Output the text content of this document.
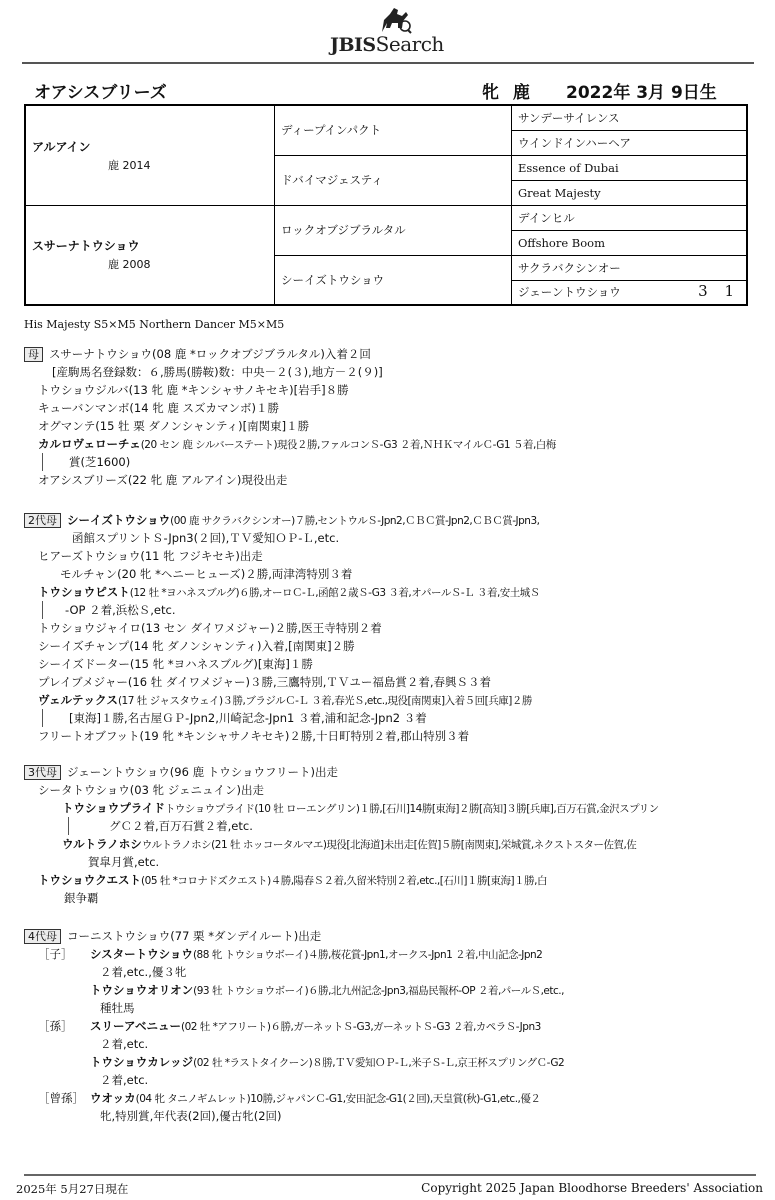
JBISSearch
オアシスブリーズ	牝 鹿 2022年 3月 9日生
アルアイン
鹿 2014	ディープインパクト	サンデーサイレンス
		ウインドインハーヘア
	ドバイマジェスティ	Essence of Dubai
		Great Majesty

スサーナトウショウ
鹿 2008	ロックオブジブラルタル	デインヒル
		Offshore Boom
	シーイズトウショウ	サクラバクシンオー
		ジェーントウショウ 3 1
His Majesty S5×M5 Northern Dancer M5×M5
母 スサーナトウショウ(08 鹿 *ロックオブジブラルタル)入着２回
[産駒馬名登録数：６,勝馬(勝鞍)数：中央－２(３),地方－２(９)]
トウショウジルバ(13 牝 鹿 *キンシャサノキセキ)[岩手]８勝
キューバンマンボ(14 牝 鹿 スズカマンボ)１勝
オグマンテ(15 牡 栗 ダノンシャンティ)[南関東]１勝
カルロヴェローチェ(20 セン 鹿 シルバーステート)現役２勝,ファルコンＳ-G3 ２着,ＮＨＫマイルＣ-G1 ５着,白梅
賞(芝1600)
オアシスブリーズ(22 牝 鹿 アルアイン)現役出走
2代母 シーイズトウショウ(00 鹿 サクラバクシンオー)７勝,セントウルＳ-Jpn2,ＣＢＣ賞-Jpn2,ＣＢＣ賞-Jpn3,
函館スプリントＳ-Jpn3(２回),ＴＶ愛知ＯＰ-Ｌ,etc.
ヒアーズトウショウ(11 牝 フジキセキ)出走
モルチャン(20 牝 *ヘニーヒューズ)２勝,両津湾特別３着
トウショウピスト(12 牡 *ヨハネスブルグ)６勝,オーロＣ-Ｌ,函館２歳Ｓ-G3 ３着,オパールＳ-Ｌ ３着,安土城Ｓ
-OP ２着,浜松Ｓ,etc.
トウショウジャイロ(13 セン ダイワメジャー)２勝,医王寺特別２着
シーイズチャンプ(14 牝 ダノンシャンティ)入着,[南関東]２勝
シーイズドーター(15 牝 *ヨハネスブルグ)[東海]１勝
プレイブメジャー(16 牡 ダイワメジャー)３勝,三鷹特別,ＴＶユー福島賞２着,春興Ｓ３着
ヴェルテックス(17 牡 ジャスタウェイ)３勝,ブラジルＣ-Ｌ ３着,春光Ｓ,etc.,現役[南関東]入着５回[兵庫]２勝
[東海]１勝,名古屋ＧＰ-Jpn2,川崎記念-Jpn1 ３着,浦和記念-Jpn2 ３着
フリートオブフット(19 牝 *キンシャサノキセキ)２勝,十日町特別２着,郡山特別３着
3代母 ジェーントウショウ(96 鹿 トウショウフリート)出走
シータトウショウ(03 牝 ジェニュイン)出走
トウショウプライドトウショウプライド(10 牡 ローエングリン)１勝,[石川]14勝[東海]２勝[高知]３勝[兵庫],百万石賞,金沢スプリン
グＣ２着,百万石賞２着,etc.
ウルトラノホシウルトラノホシ(21 牡 ホッコータルマエ)現役[北海道]未出走[佐賀]５勝[南関東],栄城賞,ネクストスター佐賀,佐
賀皐月賞,etc.
トウショウクエスト(05 牡 *コロナドズクエスト)４勝,陽春Ｓ２着,久留米特別２着,etc.,[石川]１勝[東海]１勝,白
銀争覇
4代母 コーニストウショウ(77 栗 *ダンデイルート)出走
［子］ シスタートウショウ(88 牝 トウショウボーイ)４勝,桜花賞-Jpn1,オークス-Jpn1 ２着,中山記念-Jpn2
２着,etc.,優３牝
トウショウオリオン(93 牡 トウショウボーイ)６勝,北九州記念-Jpn3,福島民報杯-OP ２着,パールＳ,etc.,
種牡馬
［孫］ スリーアベニュー(02 牡 *アフリート)６勝,ガーネットＳ-G3,ガーネットＳ-G3 ２着,カペラＳ-Jpn3
２着,etc.
トウショウカレッジ(02 牡 *ラストタイクーン)８勝,ＴＶ愛知ＯＰ-Ｌ,米子Ｓ-Ｌ,京王杯スプリングＣ-G2
２着,etc.
［曾孫］ ウオッカ(04 牝 タニノギムレット)10勝,ジャパンＣ-G1,安田記念-G1(２回),天皇賞(秋)-G1,etc.,優２
牝,特別賞,年代表(2回),優古牝(2回)
2025年 5月27日現在	Copyright 2025 Japan Bloodhorse Breeders' Association
